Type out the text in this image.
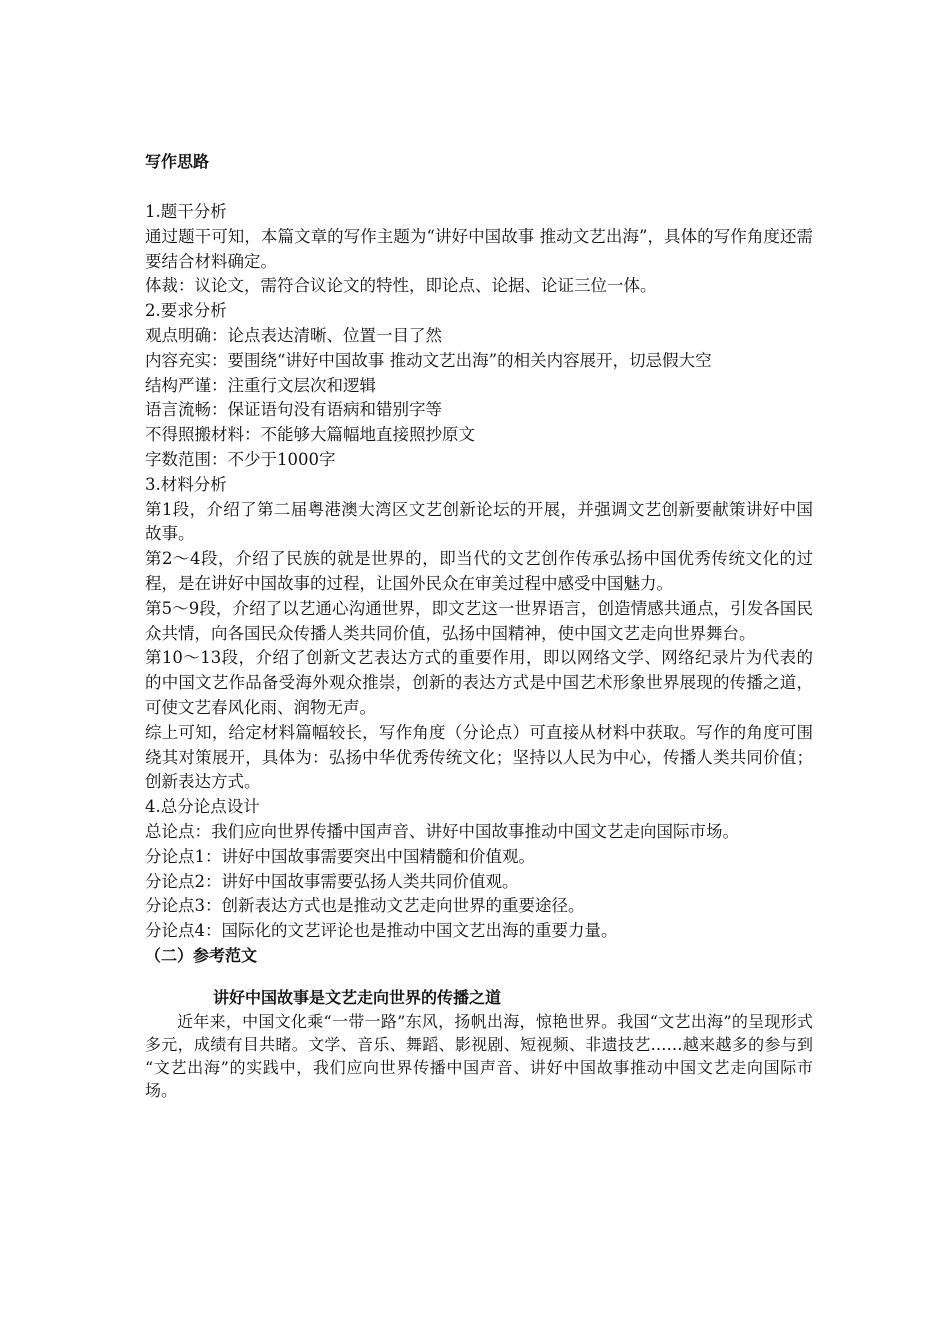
写作思路

1.题干分析

通过题干可知，本篇文章的写作主题为“讲好中国故事 推动文艺出海”，具体的写作角度还需要结合材料确定。

体裁：议论文，需符合议论文的特性，即论点、论据、论证三位一体。

2.要求分析

观点明确：论点表达清晰、位置一目了然

内容充实：要围绕“讲好中国故事 推动文艺出海”的相关内容展开，切忌假大空

结构严谨：注重行文层次和逻辑

语言流畅：保证语句没有语病和错别字等

不得照搬材料：不能够大篇幅地直接照抄原文

字数范围：不少于1000字

3.材料分析

第1段，介绍了第二届粤港澳大湾区文艺创新论坛的开展，并强调文艺创新要献策讲好中国故事。

第2～4段，介绍了民族的就是世界的，即当代的文艺创作传承弘扬中国优秀传统文化的过程，是在讲好中国故事的过程，让国外民众在审美过程中感受中国魅力。

第5～9段，介绍了以艺通心沟通世界，即文艺这一世界语言，创造情感共通点，引发各国民众共情，向各国民众传播人类共同价值，弘扬中国精神，使中国文艺走向世界舞台。

第10～13段，介绍了创新文艺表达方式的重要作用，即以网络文学、网络纪录片为代表的的中国文艺作品备受海外观众推崇，创新的表达方式是中国艺术形象世界展现的传播之道，可使文艺春风化雨、润物无声。

综上可知，给定材料篇幅较长，写作角度（分论点）可直接从材料中获取。写作的角度可围绕其对策展开，具体为：弘扬中华优秀传统文化；坚持以人民为中心，传播人类共同价值；创新表达方式。

4.总分论点设计

总论点：我们应向世界传播中国声音、讲好中国故事推动中国文艺走向国际市场。

分论点1：讲好中国故事需要突出中国精髓和价值观。

分论点2：讲好中国故事需要弘扬人类共同价值观。

分论点3：创新表达方式也是推动文艺走向世界的重要途径。

分论点4：国际化的文艺评论也是推动中国文艺出海的重要力量。

（二）参考范文
讲好中国故事是文艺走向世界的传播之道

近年来，中国文化乘“一带一路”东风，扬帆出海，惊艳世界。我国“文艺出海”的呈现形式多元，成绩有目共睹。文学、音乐、舞蹈、影视剧、短视频、非遗技艺……越来越多的参与到 “文艺出海”的实践中，我们应向世界传播中国声音、讲好中国故事推动中国文艺走向国际市场。
